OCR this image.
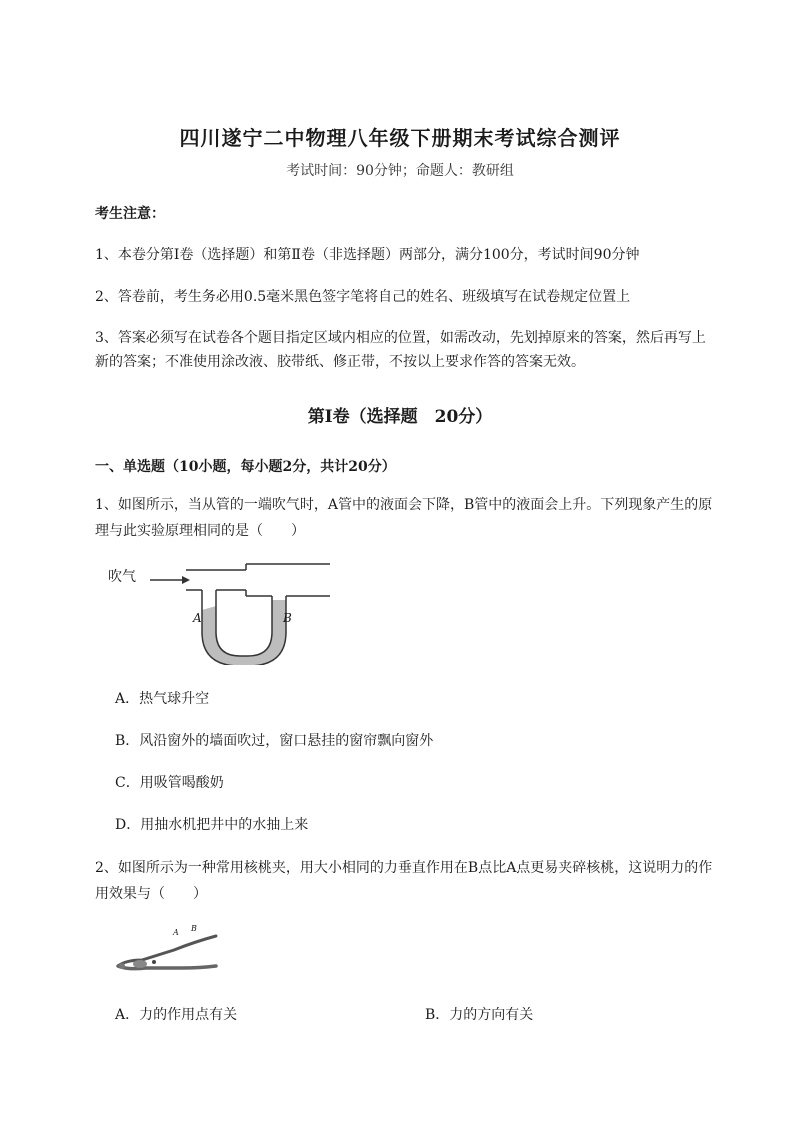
四川遂宁二中物理八年级下册期末考试综合测评
考试时间：90分钟；命题人：教研组
考生注意：
1、本卷分第I卷（选择题）和第Ⅱ卷（非选择题）两部分，满分100分，考试时间90分钟
2、答卷前，考生务必用0.5毫米黑色签字笔将自己的姓名、班级填写在试卷规定位置上
3、答案必须写在试卷各个题目指定区域内相应的位置，如需改动，先划掉原来的答案，然后再写上新的答案；不准使用涂改液、胶带纸、修正带，不按以上要求作答的答案无效。
第I卷（选择题　20分）
一、单选题（10小题，每小题2分，共计20分）
1、如图所示，当从管的一端吹气时，A管中的液面会下降，B管中的液面会上升。下列现象产生的原理与此实验原理相同的是（　　）
吹气
A	B
A．热气球升空
B．风沿窗外的墙面吹过，窗口悬挂的窗帘飘向窗外
C．用吸管喝酸奶
D．用抽水机把井中的水抽上来
2、如图所示为一种常用核桃夹，用大小相同的力垂直作用在B点比A点更易夹碎核桃，这说明力的作用效果与（　　）
A B
A．力的作用点有关	B．力的方向有关
